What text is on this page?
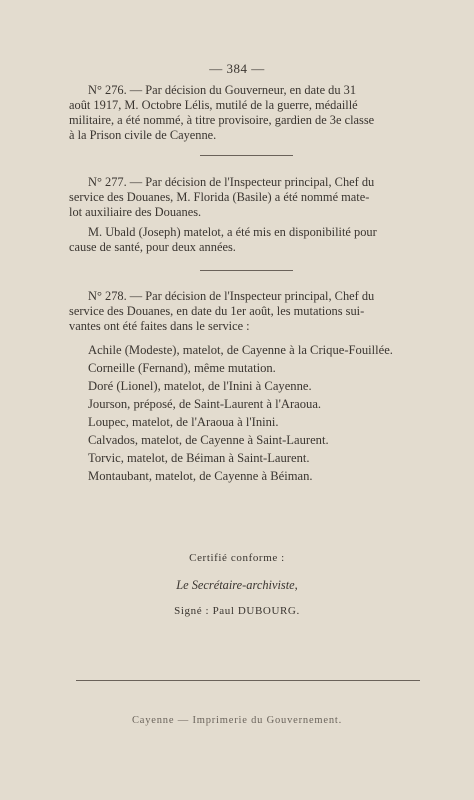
— 384 —
N° 276. — Par décision du Gouverneur, en date du 31
août 1917, M. Octobre Lélis, mutilé de la guerre, médaillé
militaire, a été nommé, à titre provisoire, gardien de 3e classe
à la Prison civile de Cayenne.
N° 277. — Par décision de l'Inspecteur principal, Chef du
service des Douanes, M. Florida (Basile) a été nommé mate-
lot auxiliaire des Douanes.
M. Ubald (Joseph) matelot, a été mis en disponibilité pour
cause de santé, pour deux années.
N° 278. — Par décision de l'Inspecteur principal, Chef du
service des Douanes, en date du 1er août, les mutations sui-
vantes ont été faites dans le service :
Achile (Modeste), matelot, de Cayenne à la Crique-Fouillée.
Corneille (Fernand), même mutation.
Doré (Lionel), matelot, de l'Inini à Cayenne.
Jourson, préposé, de Saint-Laurent à l'Araoua.
Loupec, matelot, de l'Araoua à l'Inini.
Calvados, matelot, de Cayenne à Saint-Laurent.
Torvic, matelot, de Béiman à Saint-Laurent.
Montaubant, matelot, de Cayenne à Béiman.
Certifié conforme :
Le Secrétaire-archiviste,
Signé : Paul DUBOURG.
Cayenne — Imprimerie du Gouvernement.
